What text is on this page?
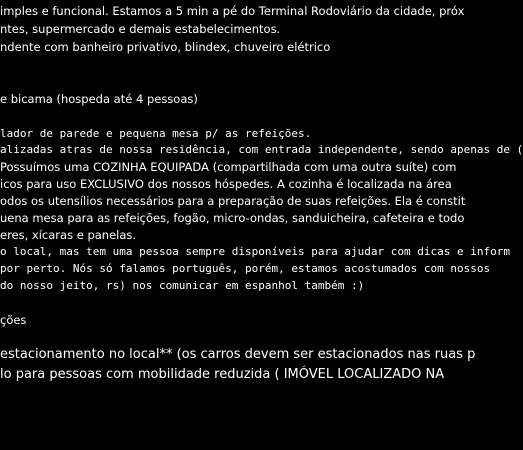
imples e funcional. Estamos a 5 min a pé do Terminal Rodoviário da cidade, próx
ntes, supermercado e demais estabelecimentos.
ndente com banheiro privativo, blindex, chuveiro elétrico
e bicama (hospeda até 4 pessoas)
lador de parede e pequena mesa p/ as refeições.
alizadas atras de nossa residência, com entrada independente, sendo apenas de (
Possuímos uma COZINHA EQUIPADA (compartilhada com uma outra suíte) com
icos para uso EXCLUSIVO dos nossos hóspedes. A cozinha é localizada na área
odos os utensílios necessários para a preparação de suas refeições. Ela é constit
uena mesa para as refeições, fogão, micro-ondas, sanduicheira, cafeteira e todo
eres, xícaras e panelas.
o local, mas tem uma pessoa sempre disponíveis para ajudar com dicas e inform
por perto. Nós só falamos português, porém, estamos acostumados com nossos
do nosso jeito, rs) nos comunicar em espanhol também :)
ções
estacionamento no local** (os carros devem ser estacionados nas ruas p
lo para pessoas com mobilidade reduzida ( IMÓVEL LOCALIZADO NA
